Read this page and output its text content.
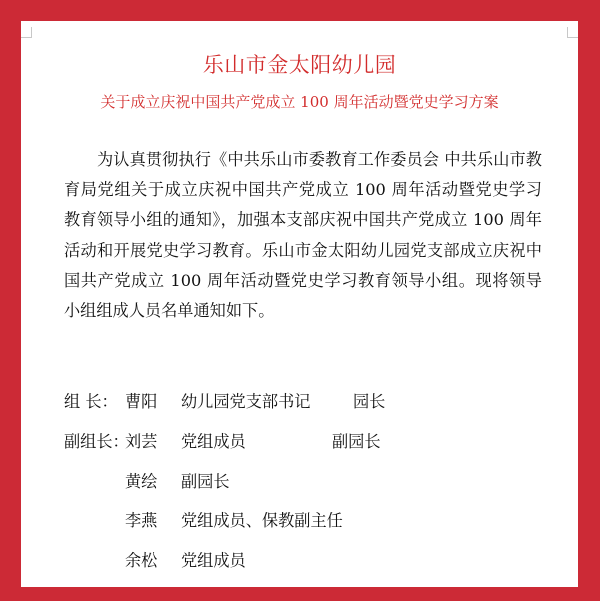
乐山市金太阳幼儿园
关于成立庆祝中国共产党成立 100 周年活动暨党史学习方案

为认真贯彻执行《中共乐山市委教育工作委员会 中共乐山市教育局党组关于成立庆祝中国共产党成立 100 周年活动暨党史学习教育领导小组的通知》，加强本支部庆祝中国共产党成立 100 周年活动和开展党史学习教育。乐山市金太阳幼儿园党支部成立庆祝中国共产党成立 100 周年活动暨党史学习教育领导小组。现将领导小组组成人员名单通知如下。

组 长： 曹阳 幼儿园党支部书记	园长
副组长：
刘芸 党组成员	副园长
黄绘 副园长
李燕 党组成员、保教副主任
余松 党组成员
